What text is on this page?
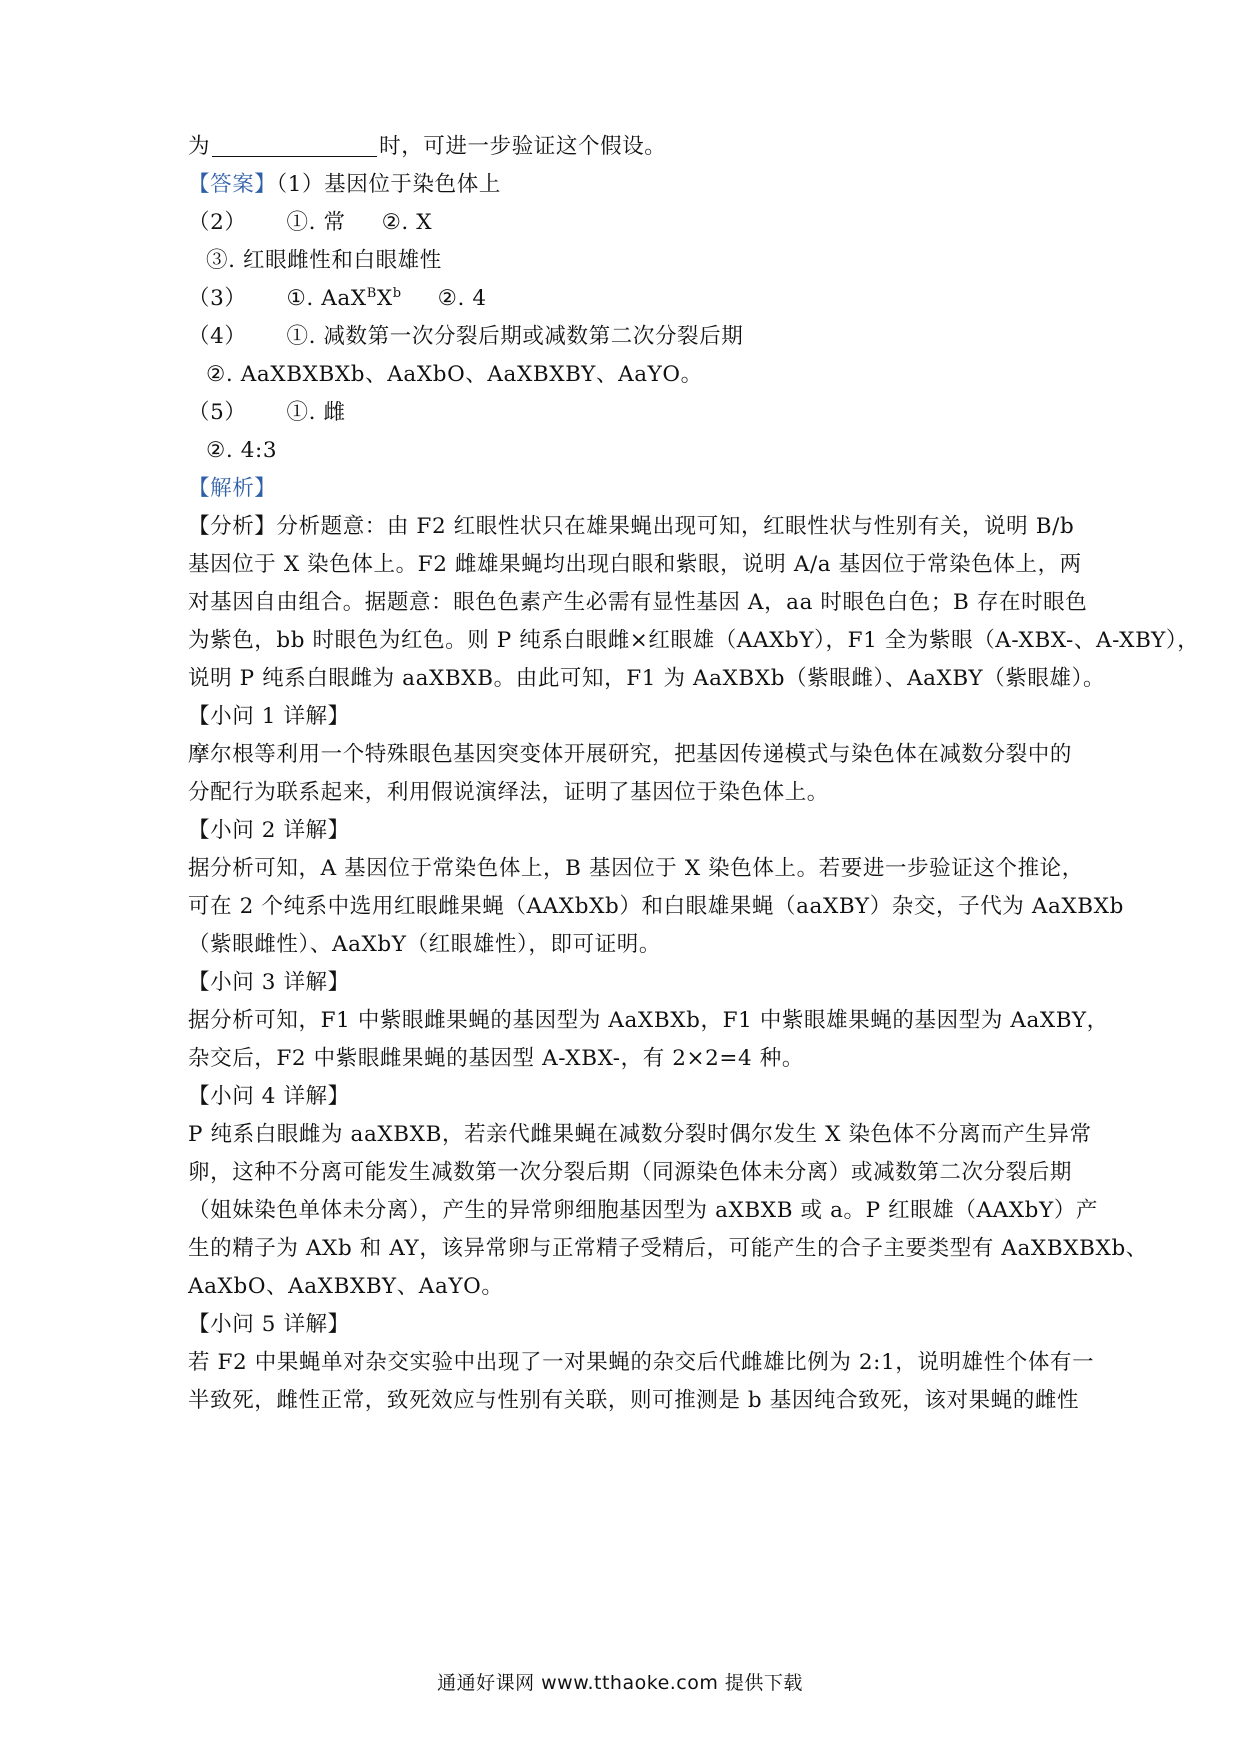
为	时，可进一步验证这个假设。
【答案】（1）基因位于染色体上
（2） ①. 常 ②. X
③. 红眼雌性和白眼雄性
（3） ①. $AaX^BX^b$ ②. 4
（4） ①. 减数第一次分裂后期或减数第二次分裂后期
②. AaXBXBXb、AaXbO、AaXBXBY、AaYO。
（5） ①. 雌
②. 4:3
【解析】
【分析】分析题意：由 F2 红眼性状只在雄果蝇出现可知，红眼性状与性别有关，说明 B/b
基因位于 X 染色体上。F2 雌雄果蝇均出现白眼和紫眼，说明 A/a 基因位于常染色体上，两
对基因自由组合。据题意：眼色色素产生必需有显性基因 A，aa 时眼色白色；B 存在时眼色
为紫色，bb 时眼色为红色。则 P 纯系白眼雌×红眼雄（AAXbY），F1 全为紫眼（A-XBX-、A-XBY），
说明 P 纯系白眼雌为 aaXBXB。由此可知，F1 为 AaXBXb（紫眼雌）、AaXBY（紫眼雄）。
【小问 1 详解】
摩尔根等利用一个特殊眼色基因突变体开展研究，把基因传递模式与染色体在减数分裂中的
分配行为联系起来，利用假说演绎法，证明了基因位于染色体上。
【小问 2 详解】
据分析可知，A 基因位于常染色体上，B 基因位于 X 染色体上。若要进一步验证这个推论，
可在 2 个纯系中选用红眼雌果蝇（AAXbXb）和白眼雄果蝇（aaXBY）杂交，子代为 AaXBXb
（紫眼雌性）、AaXbY（红眼雄性），即可证明。
【小问 3 详解】
据分析可知，F1 中紫眼雌果蝇的基因型为 AaXBXb，F1 中紫眼雄果蝇的基因型为 AaXBY，
杂交后，F2 中紫眼雌果蝇的基因型 A-XBX-，有 2×2=4 种。
【小问 4 详解】
P 纯系白眼雌为 aaXBXB，若亲代雌果蝇在减数分裂时偶尔发生 X 染色体不分离而产生异常
卵，这种不分离可能发生减数第一次分裂后期（同源染色体未分离）或减数第二次分裂后期
（姐妹染色单体未分离），产生的异常卵细胞基因型为 aXBXB 或 a。P 红眼雄（AAXbY）产
生的精子为 AXb 和 AY，该异常卵与正常精子受精后，可能产生的合子主要类型有 AaXBXBXb、
AaXbO、AaXBXBY、AaYO。
【小问 5 详解】
若 F2 中果蝇单对杂交实验中出现了一对果蝇的杂交后代雌雄比例为 2:1，说明雄性个体有一
半致死，雌性正常，致死效应与性别有关联，则可推测是 b 基因纯合致死，该对果蝇的雌性
通通好课网 www.tthaoke.com 提供下载
